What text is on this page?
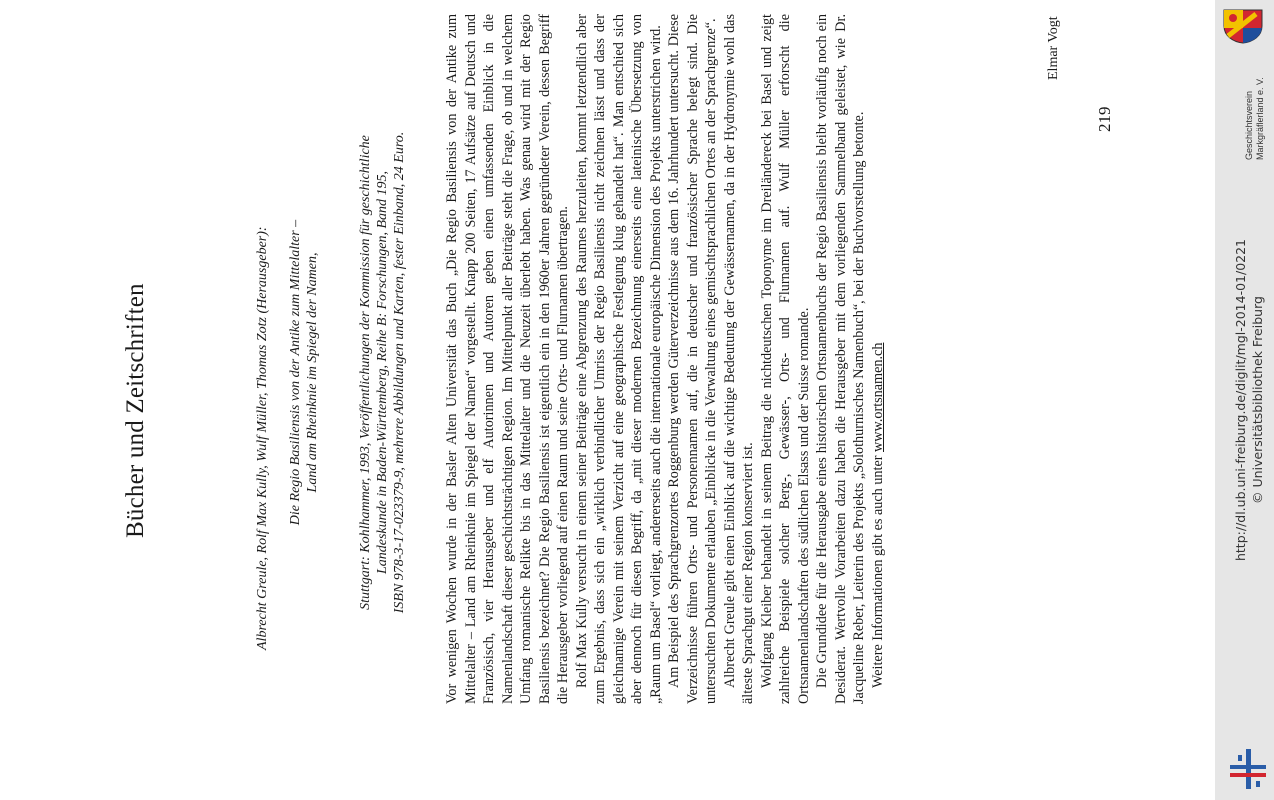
Bücher und Zeitschriften	Albrecht Greule, Rolf Max Kully, Wulf Müller, Thomas Zotz (Herausgeber): Die Regio Basiliensis von der Antike zum Mittelalter – Land am Rheinknie im Spiegel der Namen,	Stuttgart: Kohlhammer, 1993, Veröffentlichungen der Kommission für geschichtliche Landeskunde in Baden-Württemberg, Reihe B: Forschungen, Band 195, ISBN 978-3-17-023379-9, mehrere Abbildungen und Karten, fester Einband, 24 Euro.	Vor wenigen Wochen wurde in der Basler Alten Universität das Buch „Die Regio Basiliensis von der Antike zum Mittelalter – Land am Rheinknie im Spiegel der Namen“ vorgestellt. Knapp 200 Seiten, 17 Aufsätze auf Deutsch und Französisch, vier Herausgeber und elf Autorinnen und Autoren geben einen umfassenden Einblick in die Namenlandschaft dieser geschichtsträchtigen Region. Im Mittelpunkt aller Beiträge steht die Frage, ob und in welchem Umfang romanische Relikte bis in das Mittelalter und die Neuzeit überlebt haben. Was genau wird mit der Regio Basiliensis bezeichnet? Die Regio Basiliensis ist eigentlich ein in den 1960er Jahren gegründeter Verein, dessen Begriff die Herausgeber vorliegend auf einen Raum und seine Orts- und Flurnamen übertragen. Rolf Max Kully versucht in einem seiner Beiträge eine Abgrenzung des Raumes herzuleiten, kommt letztendlich aber zum Ergebnis, dass sich ein „wirklich verbindlicher Umriss der Regio Basiliensis nicht zeichnen lässt und dass der gleichnamige Verein mit seinem Verzicht auf eine geographische Festlegung klug gehandelt hat“. Man entschied sich aber dennoch für diesen Begriff, da „mit dieser modernen Bezeichnung einerseits eine lateinische Übersetzung von „Raum um Basel“ vorliegt, andererseits auch die internationale europäische Dimension des Projekts unterstrichen wird. Am Beispiel des Sprachgrenzortes Roggenburg werden Güterverzeichnisse aus dem 16. Jahrhundert untersucht. Diese Verzeichnisse führen Orts- und Personennamen auf, die in deutscher und französischer Sprache belegt sind. Die untersuchten Dokumente erlauben „Einblicke in die Verwaltung eines gemischtsprachlichen Ortes an der Sprachgrenze“. Albrecht Greule gibt einen Einblick auf die wichtige Bedeutung der Gewässernamen, da in der Hydronymie wohl das älteste Sprachgut einer Region konserviert ist. Wolfgang Kleiber behandelt in seinem Beitrag die nichtdeutschen Toponyme im Dreiländereck bei Basel und zeigt zahlreiche Beispiele solcher Berg-, Gewässer-, Orts- und Flurnamen auf. Wulf Müller erforscht die Ortsnamenlandschaften des südlichen Elsass und der Suisse romande. Die Grundidee für die Herausgabe eines historischen Ortsnamenbuchs der Regio Basiliensis bleibt vorläufig noch ein Desiderat. Wertvolle Vorarbeiten dazu haben die Herausgeber mit dem vorliegenden Sammelband geleistet, wie Dr. Jacqueline Reber, Leiterin des Projekts „Solothurnisches Namenbuch“, bei der Buchvorstellung betonte. Weitere Informationen gibt es auch unter www.ortsnamen.ch

Elmar Vogt
219	Geschichtsverein Markgräflerland e. V.
http://dl.ub.uni-freiburg.de/diglit/mgl-2014-01/0221 © Universitätsbibliothek Freiburg
